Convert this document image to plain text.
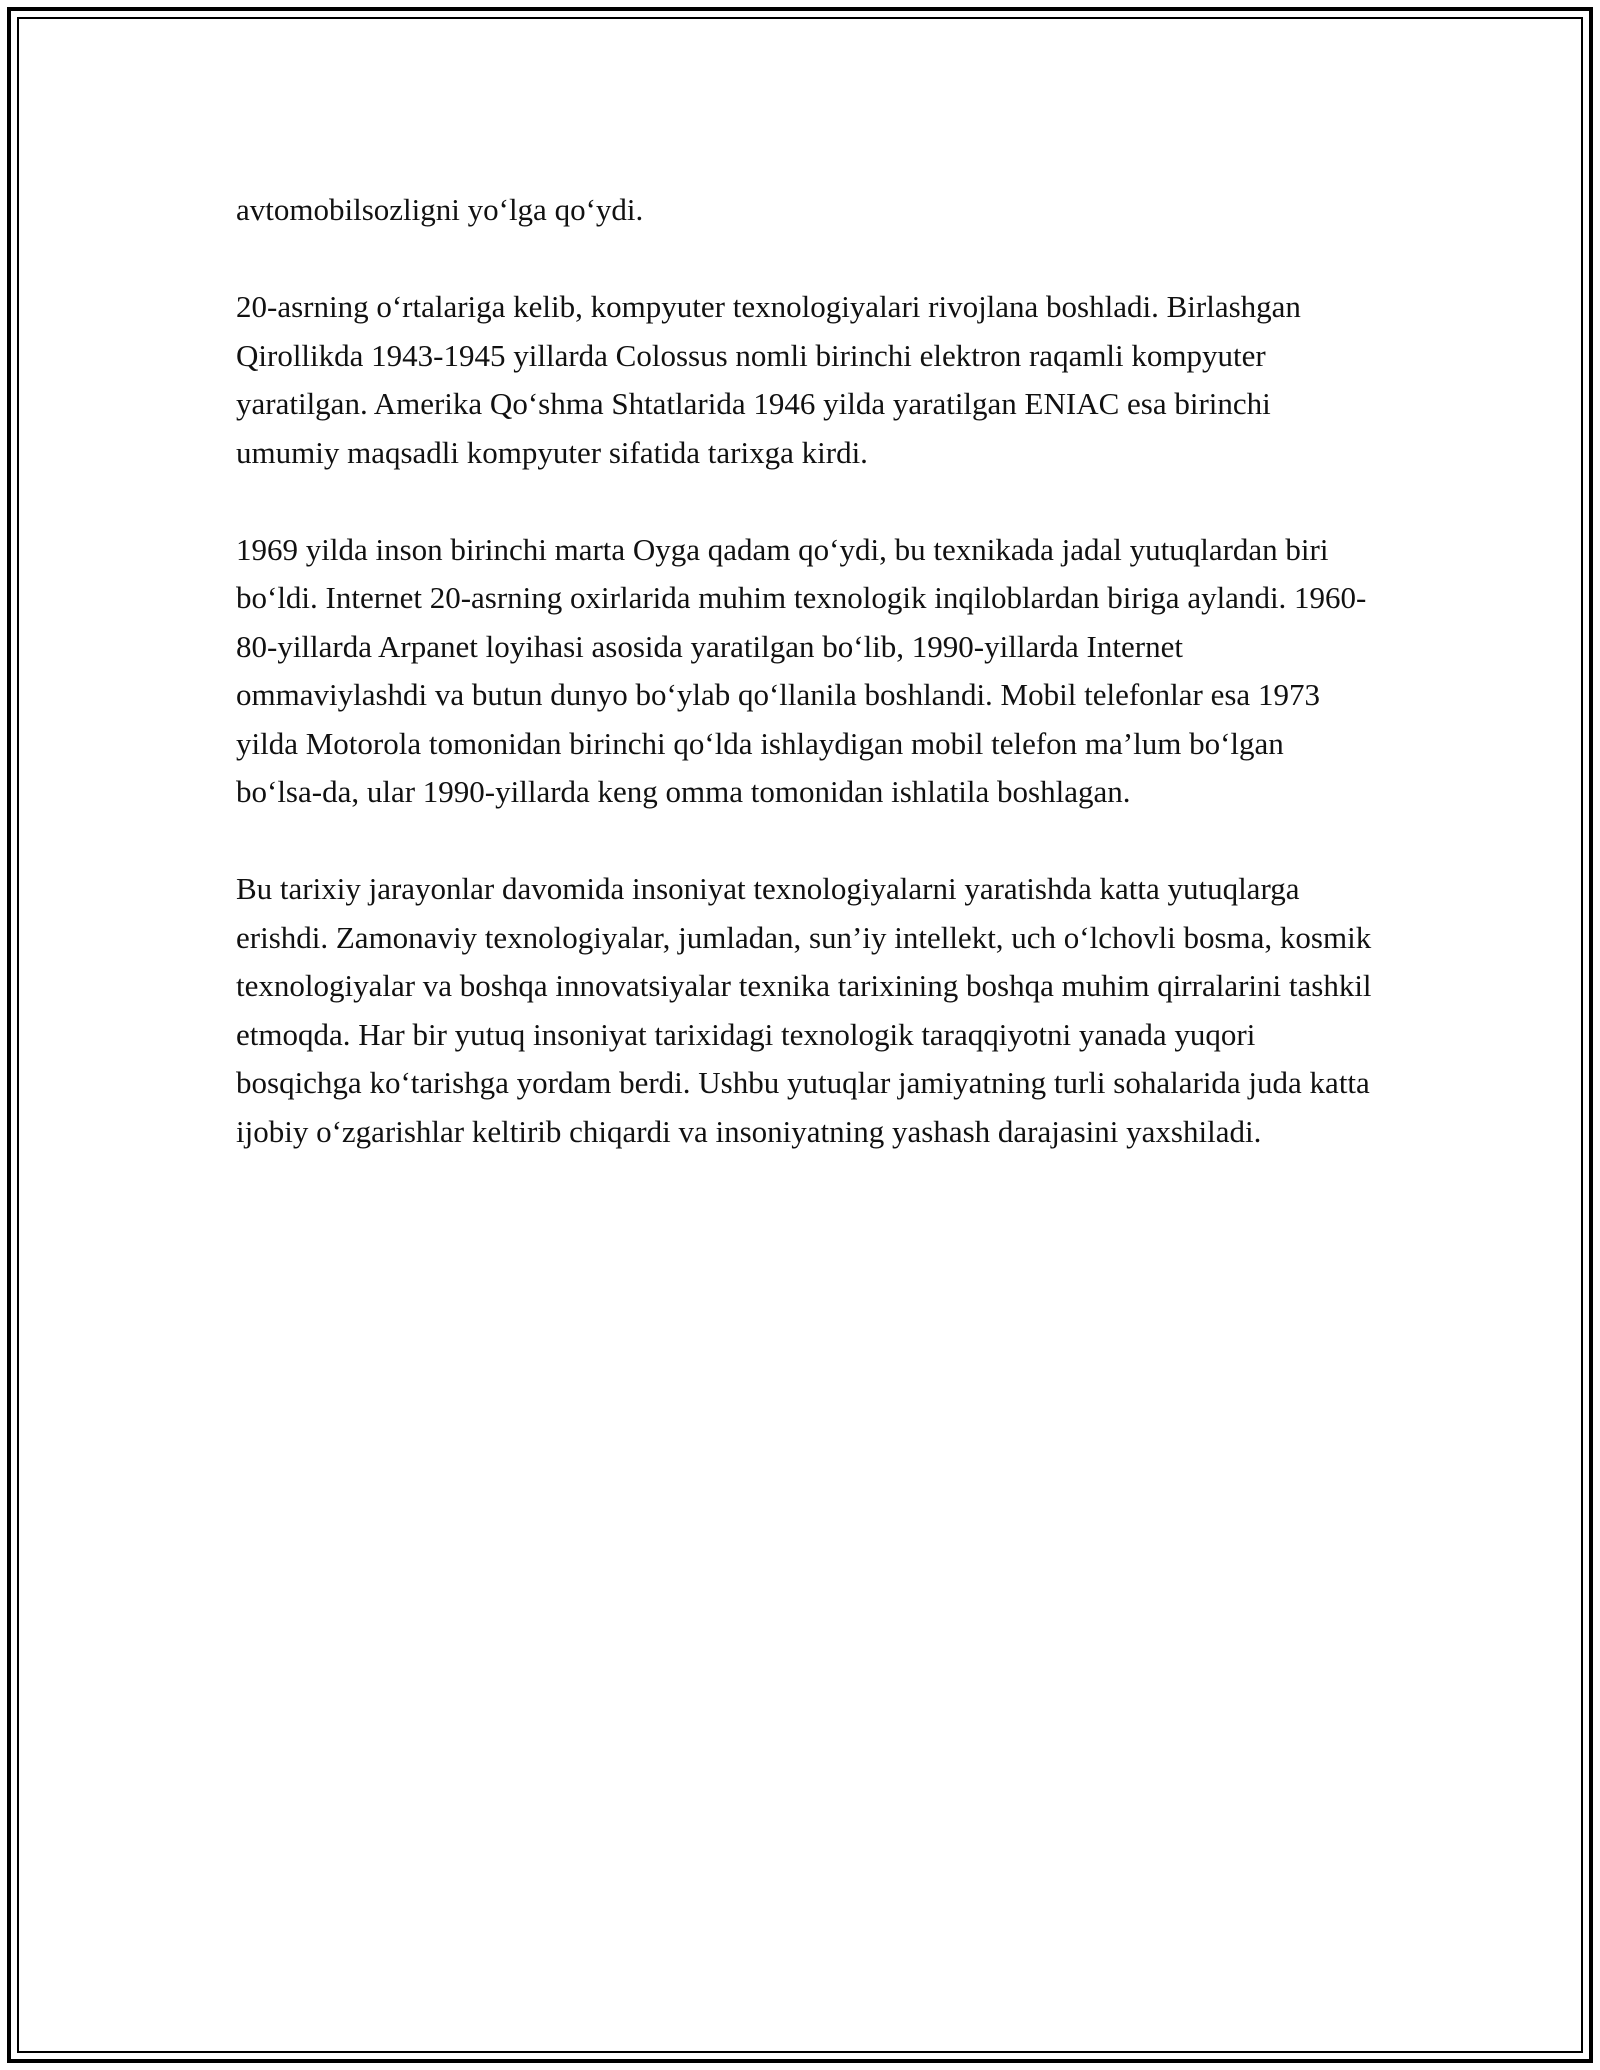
avtomobilsozligni yo‘lga qo‘ydi.

20-asrning o‘rtalariga kelib, kompyuter texnologiyalari rivojlana boshladi. Birlashgan Qirollikda 1943-1945 yillarda Colossus nomli birinchi elektron raqamli kompyuter yaratilgan. Amerika Qo‘shma Shtatlarida 1946 yilda yaratilgan ENIAC esa birinchi umumiy maqsadli kompyuter sifatida tarixga kirdi.

1969 yilda inson birinchi marta Oyga qadam qo‘ydi, bu texnikada jadal yutuqlardan biri bo‘ldi. Internet 20-asrning oxirlarida muhim texnologik inqiloblardan biriga aylandi. 1960-80-yillarda Arpanet loyihasi asosida yaratilgan bo‘lib, 1990-yillarda Internet ommaviylashdi va butun dunyo bo‘ylab qo‘llanila boshlandi. Mobil telefonlar esa 1973 yilda Motorola tomonidan birinchi qo‘lda ishlaydigan mobil telefon ma’lum bo‘lgan bo‘lsa-da, ular 1990-yillarda keng omma tomonidan ishlatila boshlagan.

Bu tarixiy jarayonlar davomida insoniyat texnologiyalarni yaratishda katta yutuqlarga erishdi. Zamonaviy texnologiyalar, jumladan, sun’iy intellekt, uch o‘lchovli bosma, kosmik texnologiyalar va boshqa innovatsiyalar texnika tarixining boshqa muhim qirralarini tashkil etmoqda. Har bir yutuq insoniyat tarixidagi texnologik taraqqiyotni yanada yuqori bosqichga ko‘tarishga yordam berdi. Ushbu yutuqlar jamiyatning turli sohalarida juda katta ijobiy o‘zgarishlar keltirib chiqardi va insoniyatning yashash darajasini yaxshiladi.
